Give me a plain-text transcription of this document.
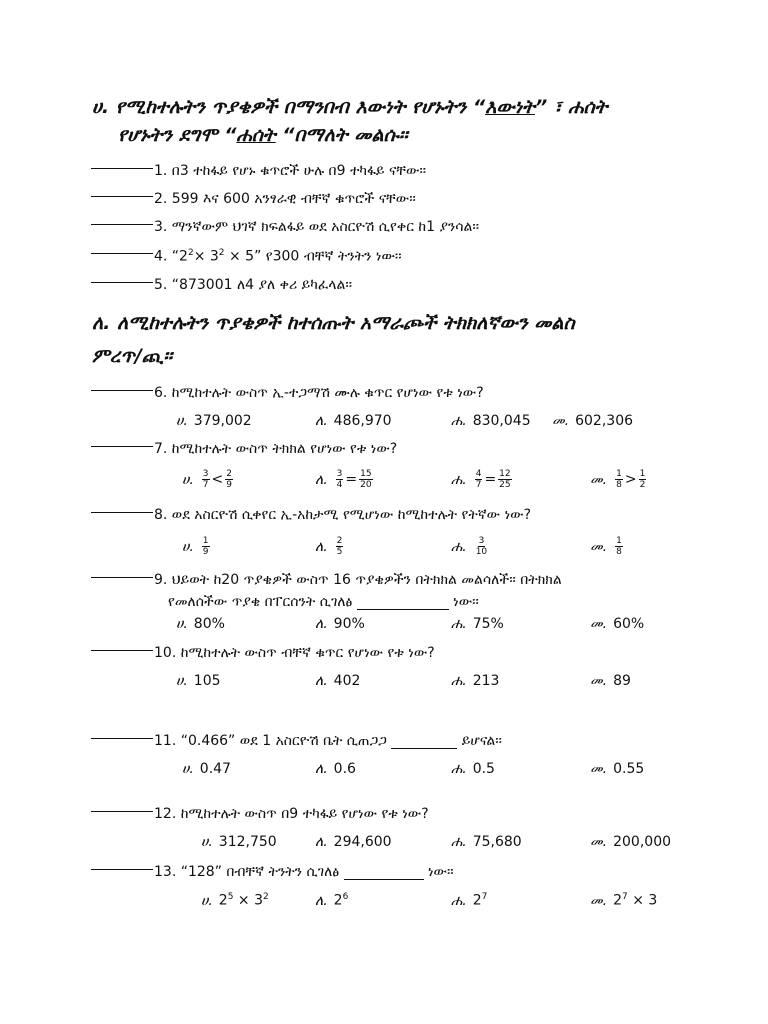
ሀ. የሚከተሉትን ጥያቄዎች በማንበብ እውነት የሆኑትን “እውነት” ፣ ሐሰት
የሆኑትን ደግሞ “ሐሰት “በማለት መልሱ፡፡
1. በ3 ተከፋይ የሆኑ ቁጥሮች ሁሉ በ9 ተካፋይ ናቸው፡፡
2. 599 እና 600 አንፃራዊ ብቸኛ ቁጥሮች ናቸው፡፡
3. ማንኛውም ህገኛ ክፍልፋይ ወደ አስርዮሽ ሲየቀር ከ1 ያንሳል፡፡
4. “$2^2\times 3^2 \times 5$” የ300 ብቸኛ ትንትን ነው፡፡
5. “873001 ለ4 ያለ ቀሪ ይካፈላል፡፡
ለ. ለሚከተሉትን ጥያቄዎች ከተሰጡት አማራጮች ትክክለኛውን መልስ
ምረጥ/ጪ፡፡
6. ከሚከተሉት ውስጥ ኢ-ተጋማሽ ሙሉ ቁጥር የሆነው የቱ ነው?
ሀ. 379,002	ለ. 486,970	ሐ. 830,045 መ. 602,306
7. ከሚከተሉት ውስጥ ትክክል የሆነው የቱ ነው?
ሀ. $\frac{3}{7} < \frac{2}{9}$	ለ. $\frac{3}{4} = \frac{15}{20}$	ሐ. $\frac{4}{7} = \frac{12}{25}$	መ. $\frac{1}{8} > \frac{1}{2}$
8. ወደ አስርዮሽ ሲቀየር ኢ-አከታሚ የሚሆነው ከሚከተሉት የትኛው ነው?
ሀ. $\frac{1}{9}$	ለ. $\frac{2}{5}$	ሐ. $\frac{3}{10}$	መ. $\frac{1}{8}$
9. ህይወት ከ20 ጥያቄዎች ውስጥ 16 ጥያቄዎችን በትክክል መልሳለች፡፡ በትክክል
የመለሰችው ጥያቄ በፐርሰንት ሲገለፅ	ነው፡፡
ሀ. 80%	ለ. 90%	ሐ. 75%	መ. 60%
10. ከሚከተሉት ውስጥ ብቸኛ ቁጥር የሆነው የቱ ነው?
ሀ. 105	ለ. 402	ሐ. 213	መ. 89
11. “0.466” ወደ 1 አስርዮሽ ቤት ሲጠጋጋ	ይሆናል፡፡
ሀ. 0.47	ለ. 0.6	ሐ. 0.5	መ. 0.55
12. ከሚከተሉት ውስጥ በ9 ተካፋይ የሆነው የቱ ነው?
ሀ. 312,750	ለ. 294,600	ሐ. 75,680	መ. 200,000
13. “128” በብቸኛ ትንትን ሲገለፅ	ነው፡፡
ሀ. $2^5 \times 3^2$	ለ. $2^6$	ሐ. $2^7$	መ. $2^7 \times 3$
